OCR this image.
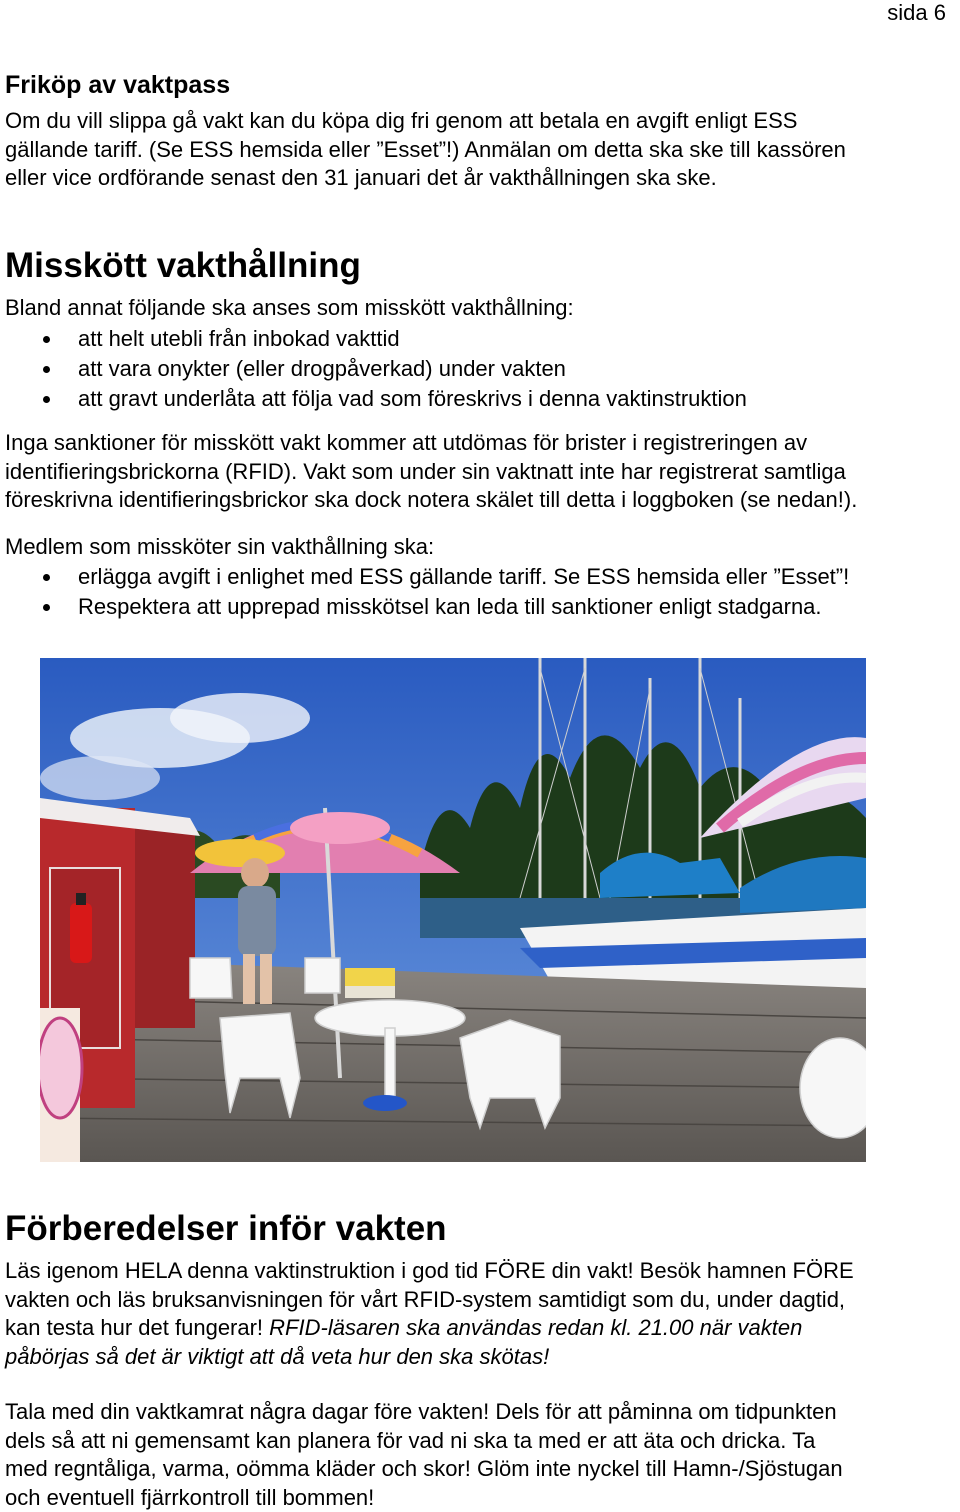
sida 6
Friköp av vaktpass

Om du vill slippa gå vakt kan du köpa dig fri genom att betala en avgift enligt ESS
gällande tariff. (Se ESS hemsida eller ”Esset”!) Anmälan om detta ska ske till kassören
eller vice ordförande senast den 31 januari det år vakthållningen ska ske.

Misskött vakthållning

Bland annat följande ska anses som misskött vakthållning:

att helt utebli från inbokad vakttid
att vara onykter (eller drogpåverkad) under vakten
att gravt underlåta att följa vad som föreskrivs i denna vaktinstruktion

Inga sanktioner för misskött vakt kommer att utdömas för brister i registreringen av
identifieringsbrickorna (RFID). Vakt som under sin vaktnatt inte har registrerat samtliga
föreskrivna identifieringsbrickor ska dock notera skälet till detta i loggboken (se nedan!).

Medlem som missköter sin vakthållning ska:

erlägga avgift i enlighet med ESS gällande tariff. Se ESS hemsida eller ”Esset”!
Respektera att upprepad misskötsel kan leda till sanktioner enligt stadgarna.
Förberedelser inför vakten

Läs igenom HELA denna vaktinstruktion i god tid FÖRE din vakt! Besök hamnen FÖRE
vakten och läs bruksanvisningen för vårt RFID-system samtidigt som du, under dagtid,
kan testa hur det fungerar! RFID-läsaren ska användas redan kl. 21.00 när vakten
påbörjas så det är viktigt att då veta hur den ska skötas!

Tala med din vaktkamrat några dagar före vakten! Dels för att påminna om tidpunkten
dels så att ni gemensamt kan planera för vad ni ska ta med er att äta och dricka. Ta
med regntåliga, varma, oömma kläder och skor! Glöm inte nyckel till Hamn-/Sjöstugan
och eventuell fjärrkontroll till bommen!
